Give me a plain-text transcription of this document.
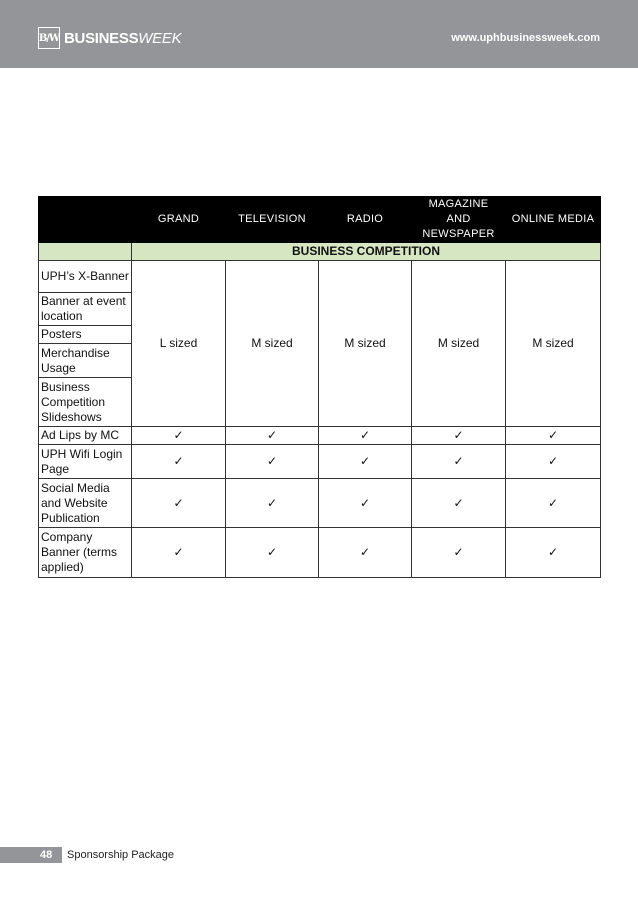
B/W BUSINESSWEEK	www.uphbusinessweek.com
	GRAND	TELEVISION	RADIO	MAGAZINE AND NEWSPAPER	ONLINE MEDIA
	BUSINESS COMPETITION				
UPH’s X-Banner	L sized	M sized	M sized	M sized	M sized
Banner at event location					
Posters					
Merchandise Usage					
Business Competition Slideshows					
Ad Lips by MC	✓	✓	✓	✓	✓
UPH Wifi Login Page	✓	✓	✓	✓	✓
Social Media and Website Publication	✓	✓	✓	✓	✓
Company Banner (terms applied)	✓	✓	✓	✓	✓
48 Sponsorship Package
